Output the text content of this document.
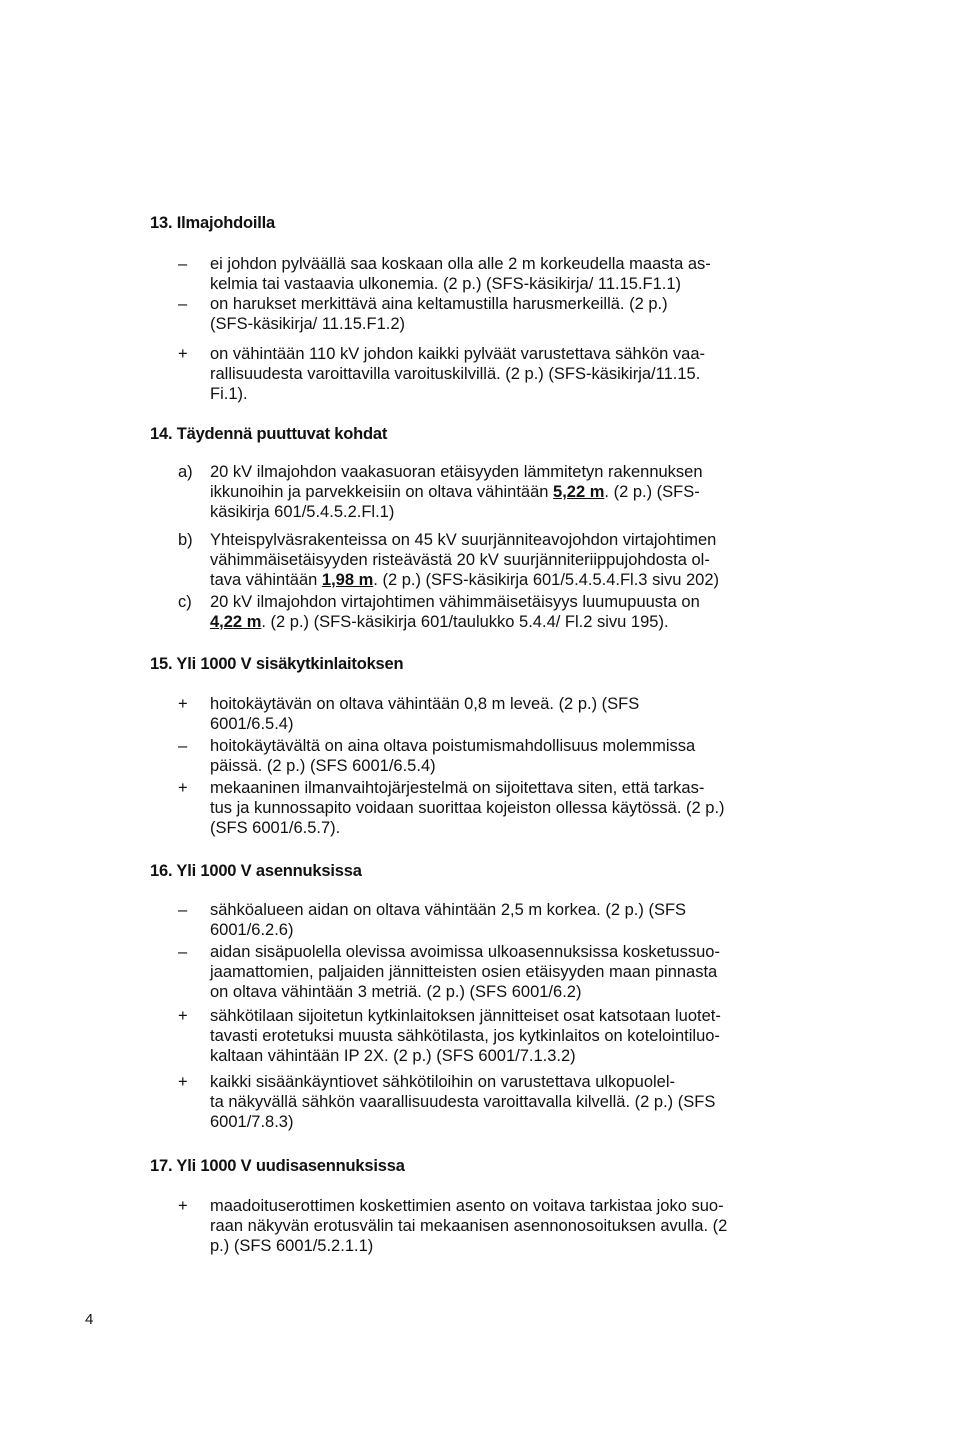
13. Ilmajohdoilla
–	ei johdon pylväällä saa koskaan olla alle 2 m korkeudella maasta as-
kelmia tai vastaavia ulkonemia. (2 p.) (SFS-käsikirja/ 11.15.F1.1)
–	on harukset merkittävä aina keltamustilla harusmerkeillä. (2 p.)
(SFS-käsikirja/ 11.15.F1.2)
+	on vähintään 110 kV johdon kaikki pylväät varustettava sähkön vaa-
rallisuudesta varoittavilla varoituskilvillä. (2 p.) (SFS-käsikirja/11.15.
Fi.1).
14. Täydennä puuttuvat kohdat
a)	20 kV ilmajohdon vaakasuoran etäisyyden lämmitetyn rakennuksen
ikkunoihin ja parvekkeisiin on oltava vähintään 5,22 m. (2 p.) (SFS-
käsikirja 601/5.4.5.2.Fl.1)
b)	Yhteispylväsrakenteissa on 45 kV suurjänniteavojohdon virtajohtimen
vähimmäisetäisyyden risteävästä 20 kV suurjänniteriippujohdosta ol-
tava vähintään 1,98 m. (2 p.) (SFS-käsikirja 601/5.4.5.4.Fl.3 sivu 202)
c)	20 kV ilmajohdon virtajohtimen vähimmäisetäisyys luumupuusta on
4,22 m. (2 p.) (SFS-käsikirja 601/taulukko 5.4.4/ Fl.2 sivu 195).
15. Yli 1000 V sisäkytkinlaitoksen
+	hoitokäytävän on oltava vähintään 0,8 m leveä. (2 p.) (SFS
6001/6.5.4)
–	hoitokäytävältä on aina oltava poistumismahdollisuus molemmissa
päissä. (2 p.) (SFS 6001/6.5.4)
+	mekaaninen ilmanvaihtojärjestelmä on sijoitettava siten, että tarkas-
tus ja kunnossapito voidaan suorittaa kojeiston ollessa käytössä. (2 p.)
(SFS 6001/6.5.7).
16. Yli 1000 V asennuksissa
–	sähköalueen aidan on oltava vähintään 2,5 m korkea. (2 p.) (SFS
6001/6.2.6)
–	aidan sisäpuolella olevissa avoimissa ulkoasennuksissa kosketussuo-
jaamattomien, paljaiden jännitteisten osien etäisyyden maan pinnasta
on oltava vähintään 3 metriä. (2 p.) (SFS 6001/6.2)
+	sähkötilaan sijoitetun kytkinlaitoksen jännitteiset osat katsotaan luotet-
tavasti erotetuksi muusta sähkötilasta, jos kytkinlaitos on kotelointiluo-
kaltaan vähintään IP 2X. (2 p.) (SFS 6001/7.1.3.2)
+	kaikki sisäänkäyntiovet sähkötiloihin on varustettava ulkopuolel-
ta näkyvällä sähkön vaarallisuudesta varoittavalla kilvellä. (2 p.) (SFS
6001/7.8.3)
17. Yli 1000 V uudisasennuksissa
+	maadoituserottimen koskettimien asento on voitava tarkistaa joko suo-
raan näkyvän erotusvälin tai mekaanisen asennonosoituksen avulla. (2
p.) (SFS 6001/5.2.1.1)
4
